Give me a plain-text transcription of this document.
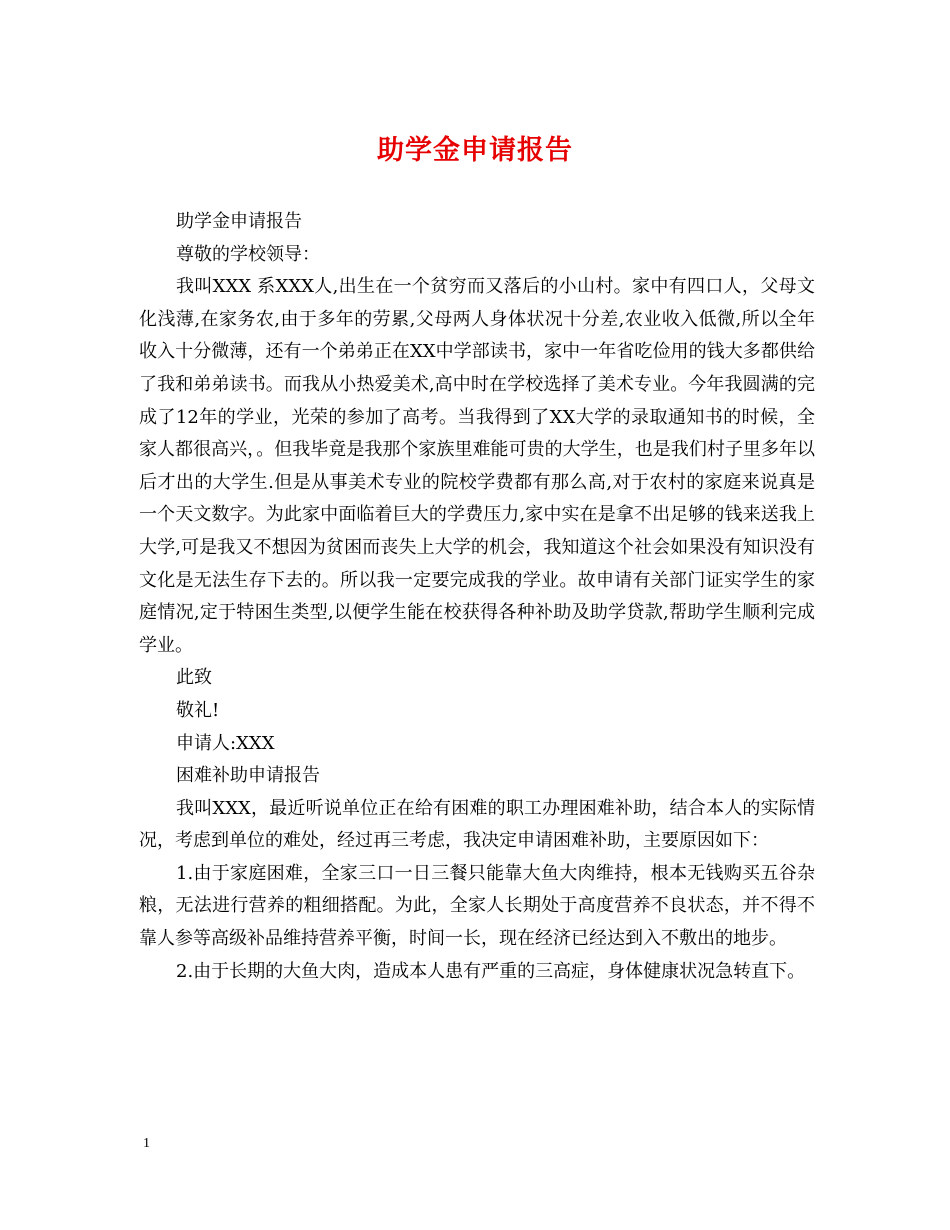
助学金申请报告

助学金申请报告

尊敬的学校领导：

我叫XXX 系XXX人,出生在一个贫穷而又落后的小山村。家中有四口人，父母文化浅薄,在家务农,由于多年的劳累,父母两人身体状况十分差,农业收入低微,所以全年收入十分微薄，还有一个弟弟正在XX中学部读书，家中一年省吃俭用的钱大多都供给了我和弟弟读书。而我从小热爱美术,高中时在学校选择了美术专业。今年我圆满的完成了12年的学业，光荣的参加了高考。当我得到了XX大学的录取通知书的时候，全家人都很高兴，。但我毕竟是我那个家族里难能可贵的大学生，也是我们村子里多年以后才出的大学生.但是从事美术专业的院校学费都有那么高,对于农村的家庭来说真是一个天文数字。为此家中面临着巨大的学费压力,家中实在是拿不出足够的钱来送我上大学,可是我又不想因为贫困而丧失上大学的机会，我知道这个社会如果没有知识没有文化是无法生存下去的。所以我一定要完成我的学业。故申请有关部门证实学生的家庭情况,定于特困生类型,以便学生能在校获得各种补助及助学贷款,帮助学生顺利完成学业。

此致

敬礼!

申请人:XXX

困难补助申请报告

我叫XXX，最近听说单位正在给有困难的职工办理困难补助，结合本人的实际情况，考虑到单位的难处，经过再三考虑，我决定申请困难补助，主要原因如下：

1.由于家庭困难，全家三口一日三餐只能靠大鱼大肉维持，根本无钱购买五谷杂粮，无法进行营养的粗细搭配。为此，全家人长期处于高度营养不良状态，并不得不靠人参等高级补品维持营养平衡，时间一长，现在经济已经达到入不敷出的地步。

2.由于长期的大鱼大肉，造成本人患有严重的三高症，身体健康状况急转直下。

1
